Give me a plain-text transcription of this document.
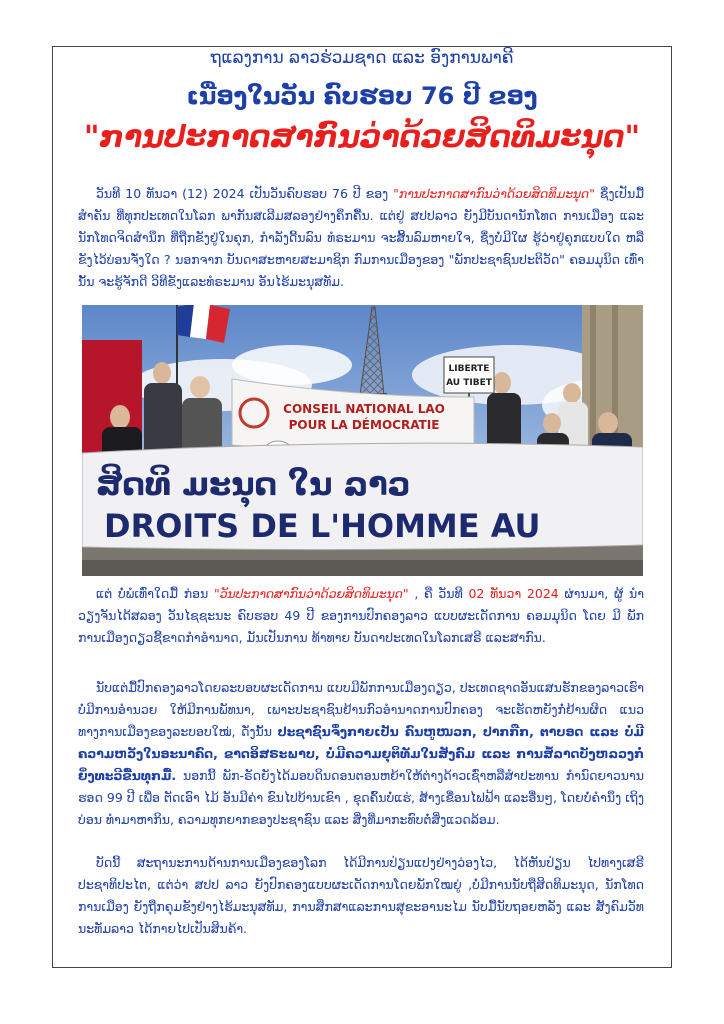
ຖແລງການ ລາວຮ່ວມຊາດ ແລະ ອົງການພາຄີ
ເນື່ອງໃນວັນ ຄົບຮອບ 76 ປີ ຂອງ
"ການປະກາດສາກົນວ່າດ້ວຍສິດທິມະນຸດ"

ວັນທີ 10 ທັນວາ (12) 2024 ເປັນວັນຄົບຮອບ 76 ປີ ຂອງ "ການປະກາດສາກົນວ່າດ້ວຍສິດທິມະນຸດ" ຊຶ່ງເປັນມື້ສຳຄັນ ທີ່ທຸກປະເທດໃນໂລກ ພາກັນສເລີມສລອງຢ່າງຄຶກຄື້ນ. ແຕ່ຢູ່ ສປປລາວ ຍັງມີບັນດານັກໂທດ ການເມືອງ ແລະນັກໂທດຈິດສຳນຶກ ທີ່ຖືກຂັງຢູ່ໃນຄຸກ, ກຳລັງດີ້ນລົນ ທໍຣະມານ ຈະສິ້ນລົມຫາຍໃຈ, ຊຶ່ງບໍ່ມີໃຜ ຮູ້ວ່າຢູ່ຄຸກແບບໃດ ຫລື ຂັງໄວ້ບ່ອນຈັ່ງໃດ ? ນອກຈາກ ບັນດາສະຫາຍສະມາຊິກ ກົມການເມືອງຂອງ "ພັກປະຊາຊົນປະຕິວັດ" ຄອມມຸນິດ ເທົ່ານັ້ນ ຈະຮູ້ຈັກດີ ວິທີຂັງແລະທໍຣະມານ ອັນໄຮ້ມະນຸສທັມ.

LIBERTE
AU TIBET
CONSEIL NATIONAL LAO
POUR LA DÉMOCRATIE
ສິດທິ ມະນຸດ ໃນ ລາວ
DROITS DE L'HOMME AU

ແຕ່ ບໍ່ພໍເທົ່າໃດມື້ ກ່ອນ "ວັນປະກາດສາກົນວ່າດ້ວຍສິດທິມະນຸດ" , ຄື ວັນທີ 02 ທັນວາ 2024 ຜ່ານມາ, ຜູ້ ນຳ ວຽງຈັນໄດ້ສລອງ ວັນໄຊຊະນະ ຄົບຮອບ 49 ປີ ຂອງການປົກຄອງລາວ ແບບຜະເດັດການ ຄອມມຸນິດ ໂດຍ ມີ ພັກການເມືອງດຽວຊີ້ຂາດກຳອຳນາດ, ມັນເປັນການ ທ້າທາຍ ບັນດາປະເທດໃນໂລກເສຣີ ແລະສາກົນ.

ນັບແຕ່ມື້ປົກຄອງລາວໂດຍລະບອບຜະເດັດການ ແບບມີພັກການເມືອງດຽວ, ປະເທດຊາດອັນແສນຮັກຂອງລາວເຮົາ ບໍ່ມີການອຳນວຍ ໃຫ້ມີການພັທນາ, ເພາະປະຊາຊົນຢ້ານກົວອຳນາດການປົກຄອງ ຈະເຮັດຫຍັງກໍ່ຢ້ານຜິດ ແນວທາງການເມືອງຂອງລະບອບໃໝ່, ດັ່ງນັ້ນ ປະຊາຊົນຈຶ່ງກາຍເປັນ ຄົນຫູໜວກ, ປາກກືກ, ຕາບອດ ແລະ ບໍ່ມີຄວາມຫວັງໃນອະນາຄົດ, ຂາດອິສຣະພາບ, ບໍ່ມີຄວາມຍຸຕິທັມໃນສັງຄົມ ແລະ ການສໍ້ລາດບັງຫລວງກໍ່ຍິ່ງທະວີຂື້ນທຸກມື້. ນອກນີ້ ພັກ-ຣັດຍັງໄດ້ມອບດິນດອນຕອນຫຍ້າໃຫ້ຕ່າງດ້າວເຊົ່າຫລືສຳປະທານ ກຳນົດຍາວນານຮອດ 99 ປີ ເພື່ອ ຕັດເອົາ ໄມ້ ອັນມີຄ່າ ຂົນໄປບ້ານເຂົາ , ຂຸດຄົ້ນບໍ່ແຮ່, ສ້າງເຂື່ອນໄຟຟ້າ ແລະອື່ນໆ, ໂດຍບໍ່ຄຳນຶງ ເຖິງບ່ອນ ທຳມາຫາກິນ, ຄວາມທຸກຍາກຂອງປະຊາຊົນ ແລະ ສິ່ງທີ່ມາກະທົບຕໍ່ສິ່ງແວດລ້ອມ.

ບັດນີ້ ສະຖານະການດ້ານການເມືອງຂອງໂລກ ໄດ້ມີການປ່ຽນແປງຢ່າງວ່ອງໄວ, ໄດ້ຫັນປ່ຽນ ໄປທາງເສຣີປະຊາທິປະໄຕ, ແຕ່ວ່າ ສປປ ລາວ ຍັງປົກຄອງແບບຜະເດັດການໂດຍພັກໃໝຍູ່ ,ບໍ່ມີການນັບຖືສິດທິມະນຸດ, ນັກໂທດ ການເມືອງ ຍັງຖືກຄຸມຂັງຢ່າງໄຮ້ມະນຸສທັມ, ການສຶກສາແລະການສຸຂະອານະໄມ ນັບມື້ນັບຖອຍຫລັງ ແລະ ສັງຄົມວັທນະທັມລາວ ໄດ້ກາຍໄປເປັນສິນຄ້າ.
